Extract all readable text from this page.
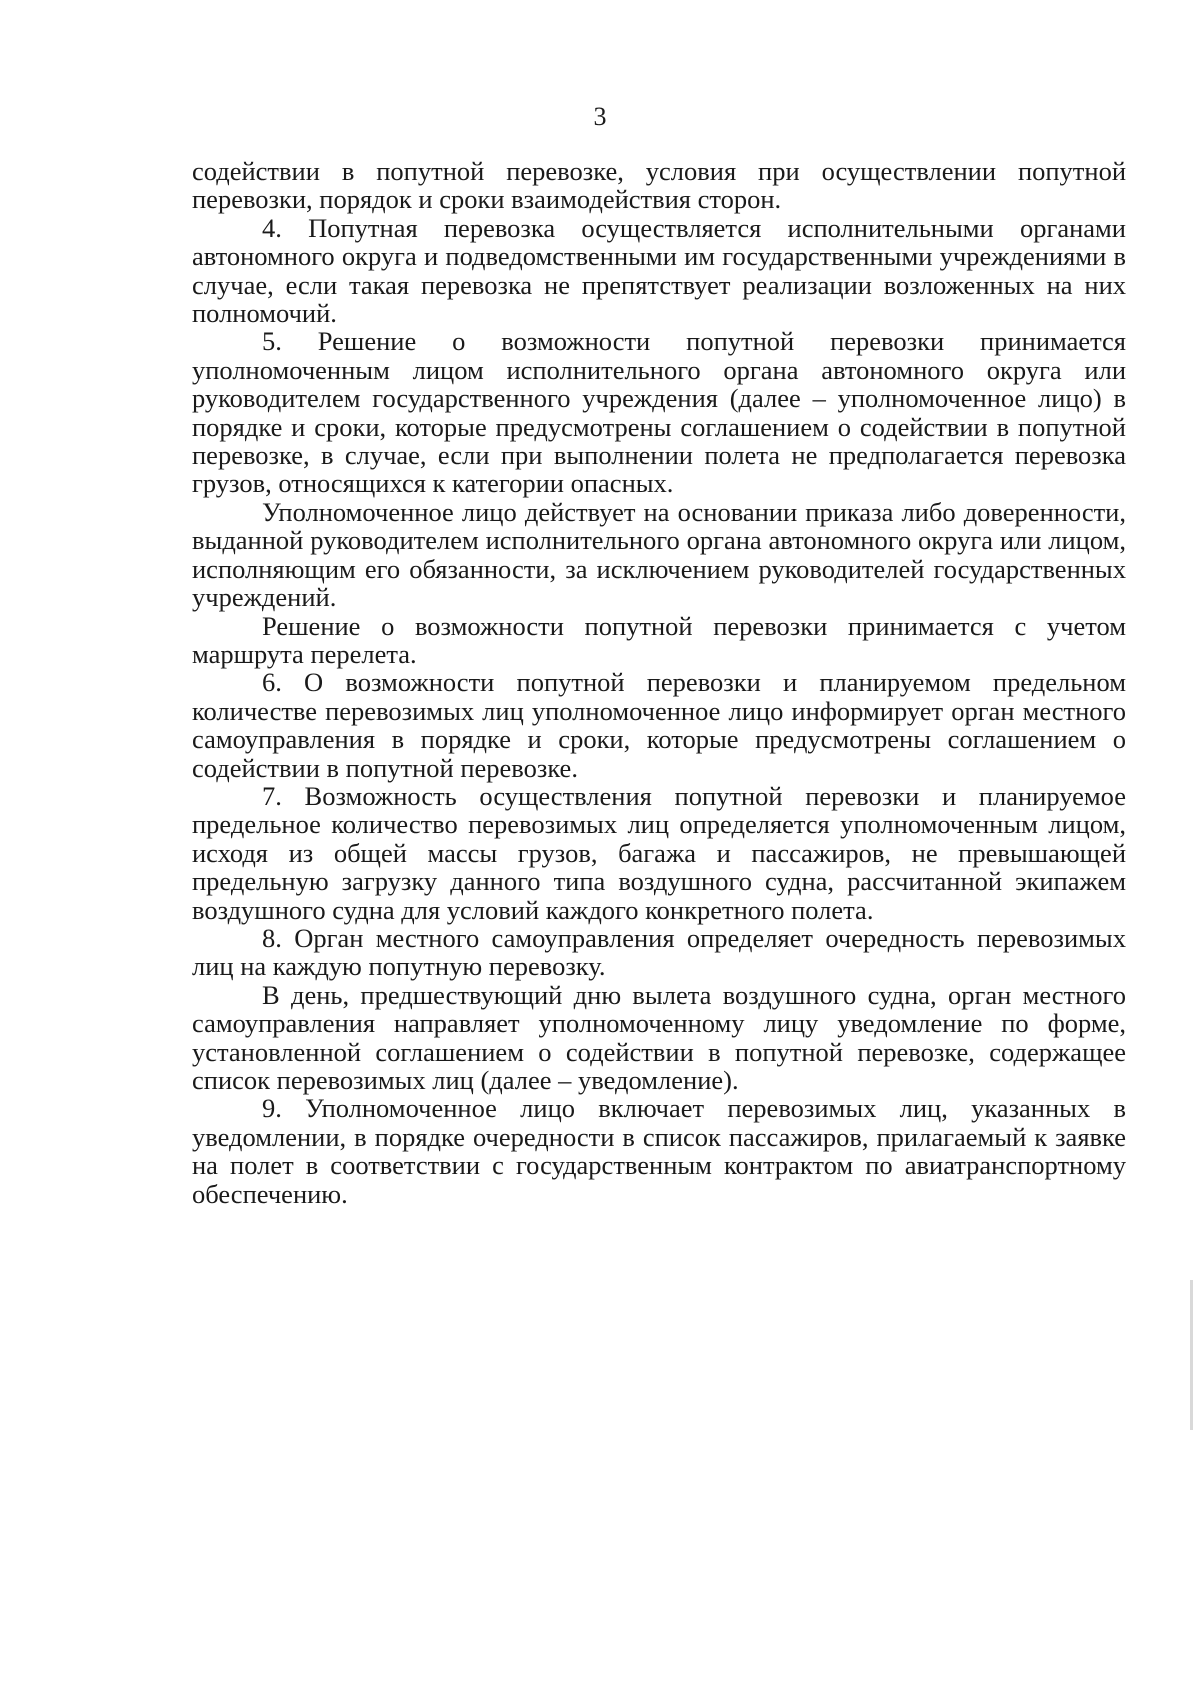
3

содействии в попутной перевозке, условия при осуществлении попутной перевозки, порядок и сроки взаимодействия сторон.

4. Попутная перевозка осуществляется исполнительными органами автономного округа и подведомственными им государственными учреждениями в случае, если такая перевозка не препятствует реализации возложенных на них полномочий.

5. Решение о возможности попутной перевозки принимается уполномоченным лицом исполнительного органа автономного округа или руководителем государственного учреждения (далее – уполномоченное лицо) в порядке и сроки, которые предусмотрены соглашением о содействии в попутной перевозке, в случае, если при выполнении полета не предполагается перевозка грузов, относящихся к категории опасных.

Уполномоченное лицо действует на основании приказа либо доверенности, выданной руководителем исполнительного органа автономного округа или лицом, исполняющим его обязанности, за исключением руководителей государственных учреждений.

Решение о возможности попутной перевозки принимается с учетом маршрута перелета.

6. О возможности попутной перевозки и планируемом предельном количестве перевозимых лиц уполномоченное лицо информирует орган местного самоуправления в порядке и сроки, которые предусмотрены соглашением о содействии в попутной перевозке.

7. Возможность осуществления попутной перевозки и планируемое предельное количество перевозимых лиц определяется уполномоченным лицом, исходя из общей массы грузов, багажа и пассажиров, не превышающей предельную загрузку данного типа воздушного судна, рассчитанной экипажем воздушного судна для условий каждого конкретного полета.

8. Орган местного самоуправления определяет очередность перевозимых лиц на каждую попутную перевозку.

В день, предшествующий дню вылета воздушного судна, орган местного самоуправления направляет уполномоченному лицу уведомление по форме, установленной соглашением о содействии в попутной перевозке, содержащее список перевозимых лиц (далее – уведомление).

9. Уполномоченное лицо включает перевозимых лиц, указанных в уведомлении, в порядке очередности в список пассажиров, прилагаемый к заявке на полет в соответствии с государственным контрактом по авиатранспортному обеспечению.
